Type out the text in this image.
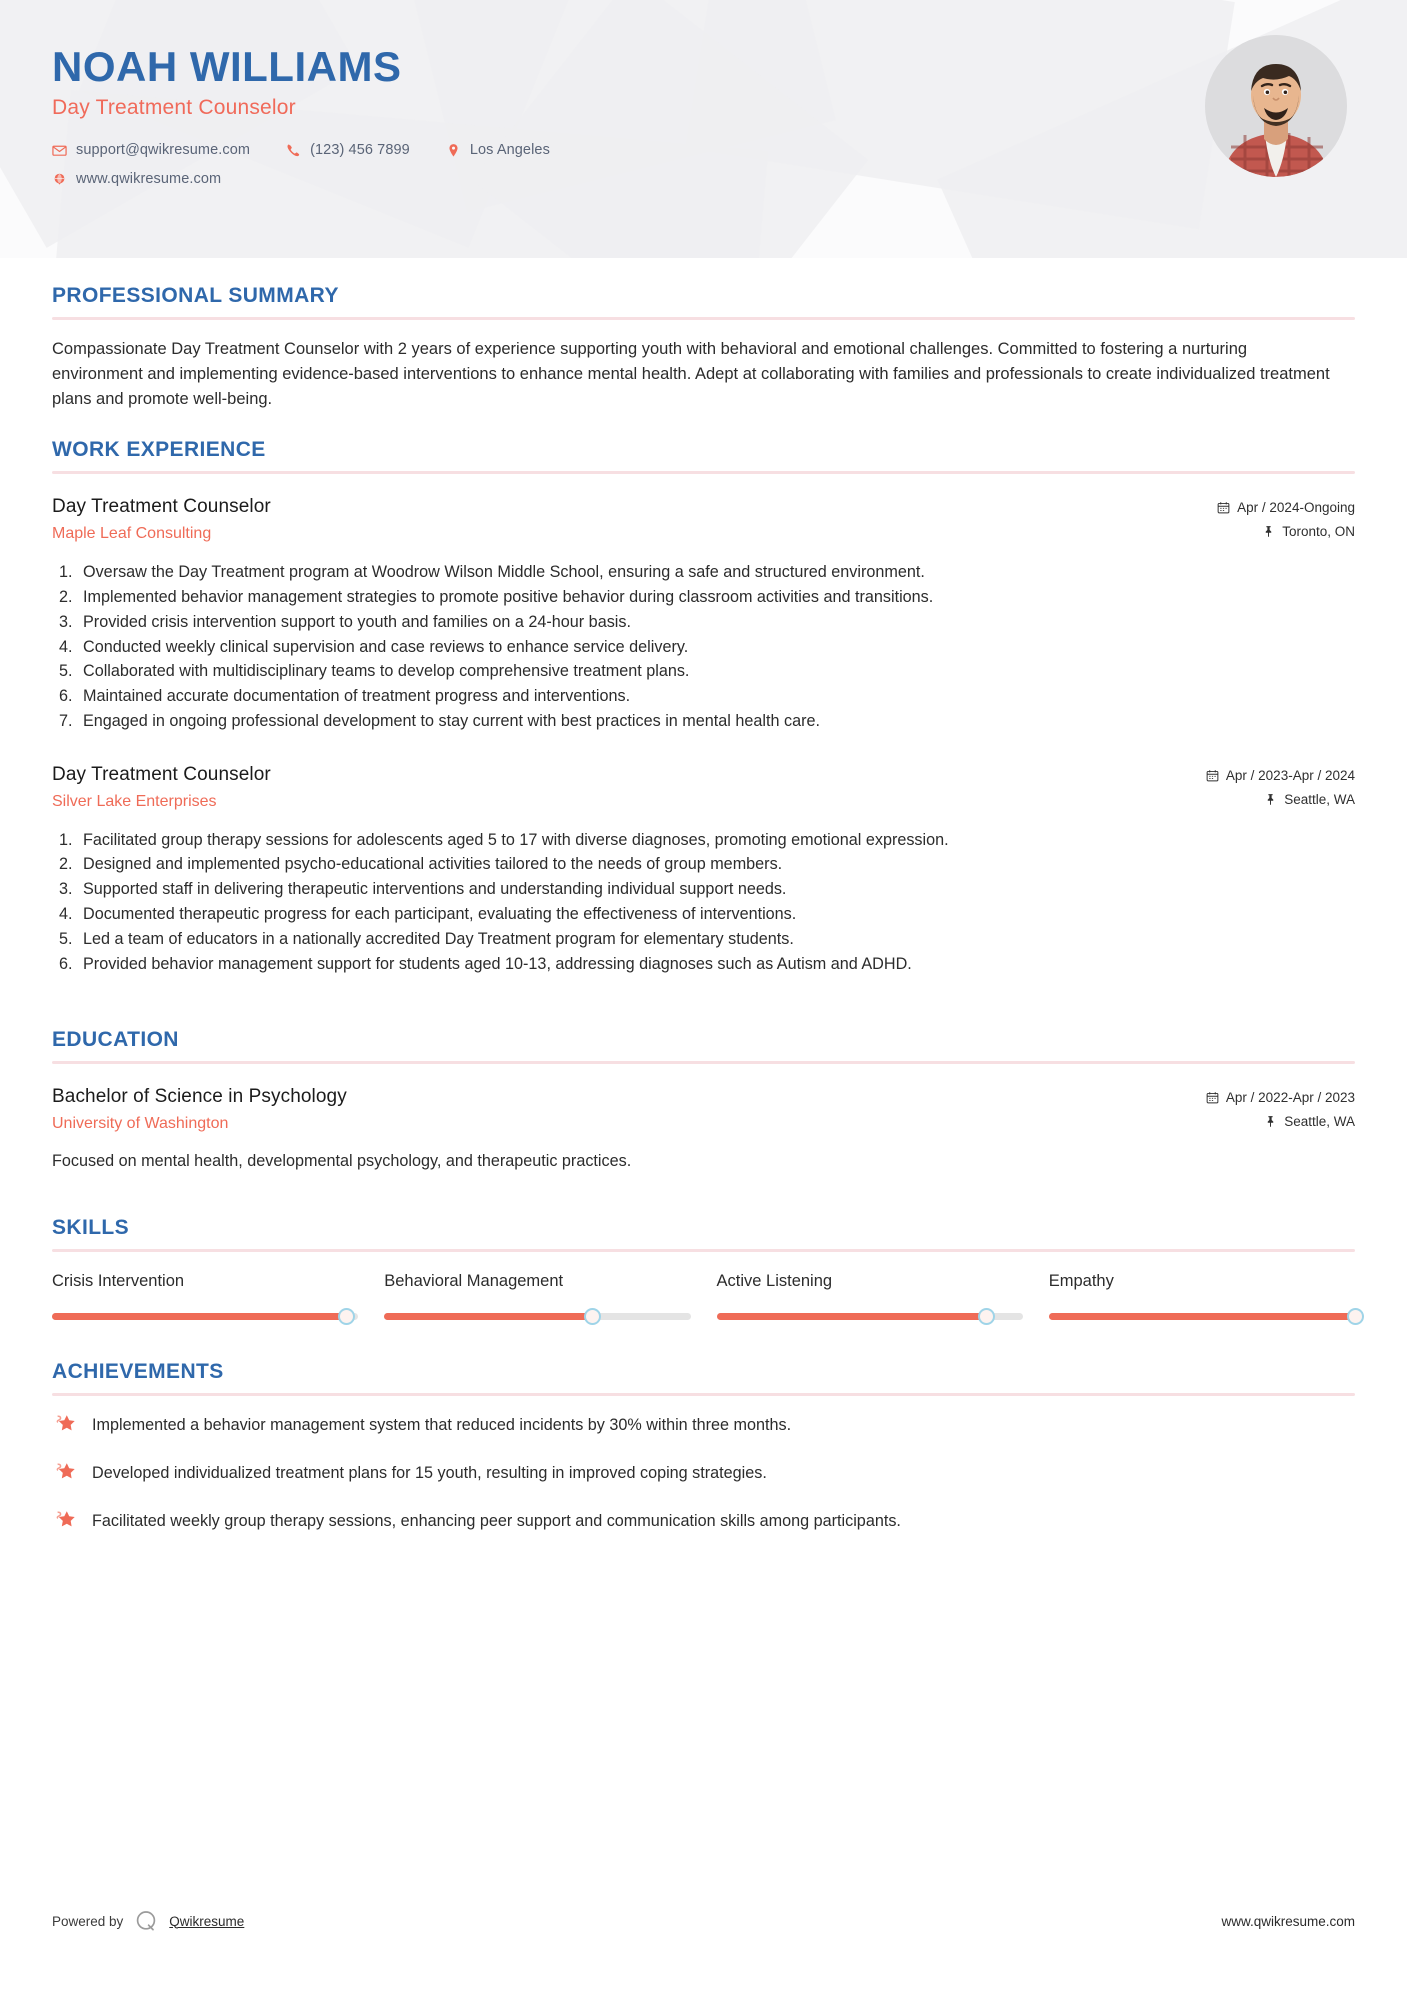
NOAH WILLIAMS
Day Treatment Counselor
support@qwikresume.com	(123) 456 7899	Los Angeles
www.qwikresume.com
PROFESSIONAL SUMMARY

Compassionate Day Treatment Counselor with 2 years of experience supporting youth with behavioral and emotional challenges. Committed to fostering a nurturing environment and implementing evidence-based interventions to enhance mental health. Adept at collaborating with families and professionals to create individualized treatment plans and promote well-being.

WORK EXPERIENCE
Day Treatment Counselor
Maple Leaf Consulting
Apr / 2024-Ongoing
Toronto, ON
Oversaw the Day Treatment program at Woodrow Wilson Middle School, ensuring a safe and structured environment.
Implemented behavior management strategies to promote positive behavior during classroom activities and transitions.
Provided crisis intervention support to youth and families on a 24-hour basis.
Conducted weekly clinical supervision and case reviews to enhance service delivery.
Collaborated with multidisciplinary teams to develop comprehensive treatment plans.
Maintained accurate documentation of treatment progress and interventions.
Engaged in ongoing professional development to stay current with best practices in mental health care.
Day Treatment Counselor
Silver Lake Enterprises
Apr / 2023-Apr / 2024
Seattle, WA
Facilitated group therapy sessions for adolescents aged 5 to 17 with diverse diagnoses, promoting emotional expression.
Designed and implemented psycho-educational activities tailored to the needs of group members.
Supported staff in delivering therapeutic interventions and understanding individual support needs.
Documented therapeutic progress for each participant, evaluating the effectiveness of interventions.
Led a team of educators in a nationally accredited Day Treatment program for elementary students.
Provided behavior management support for students aged 10-13, addressing diagnoses such as Autism and ADHD.
EDUCATION
Bachelor of Science in Psychology
University of Washington
Apr / 2022-Apr / 2023
Seattle, WA
Focused on mental health, developmental psychology, and therapeutic practices.
SKILLS
Crisis Intervention	Behavioral Management	Active Listening	Empathy
ACHIEVEMENTS
Implemented a behavior management system that reduced incidents by 30% within three months.
Developed individualized treatment plans for 15 youth, resulting in improved coping strategies.
Facilitated weekly group therapy sessions, enhancing peer support and communication skills among participants.
Powered by	Qwikresume	www.qwikresume.com
